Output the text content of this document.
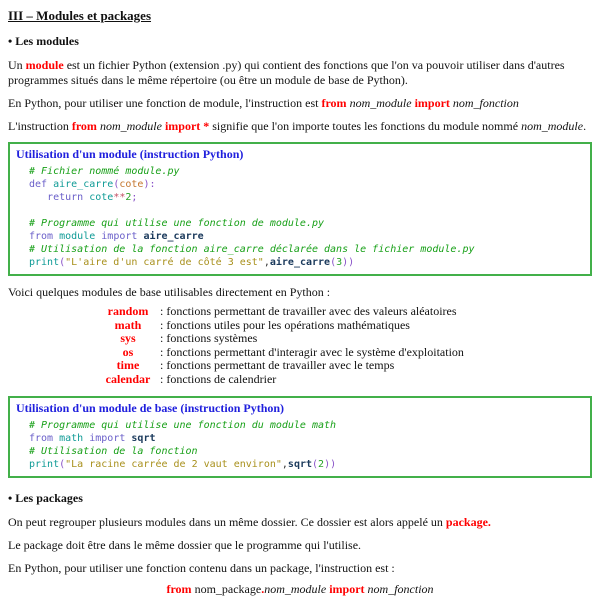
III – Modules et packages
• Les modules

Un module est un fichier Python (extension .py) qui contient des fonctions que l'on va pouvoir utiliser dans d'autres programmes situés dans le même répertoire (ou être un module de base de Python).

En Python, pour utiliser une fonction de module, l'instruction est from nom_module import nom_fonction

L'instruction from nom_module import * signifie que l'on importe toutes les fonctions du module nommé nom_module.

Utilisation d'un module (instruction Python)
# Fichier nommé module.py
def aire_carre(cote):
return cote**2;

# Programme qui utilise une fonction de module.py
from module import aire_carre
# Utilisation de la fonction aire_carre déclarée dans le fichier module.py
print("L'aire d'un carré de côté 3 est",aire_carre(3))

Voici quelques modules de base utilisables directement en Python :

random : fonctions permettant de travailler avec des valeurs aléatoires
math : fonctions utiles pour les opérations mathématiques
sys : fonctions systèmes
os : fonctions permettant d'interagir avec le système d'exploitation
time : fonctions permettant de travailler avec le temps
calendar : fonctions de calendrier
Utilisation d'un module de base (instruction Python)
# Programme qui utilise une fonction du module math
from math import sqrt
# Utilisation de la fonction
print("La racine carrée de 2 vaut environ",sqrt(2))
• Les packages

On peut regrouper plusieurs modules dans un même dossier. Ce dossier est alors appelé un package.

Le package doit être dans le même dossier que le programme qui l'utilise.

En Python, pour utiliser une fonction contenu dans un package, l'instruction est :

from nom_package.nom_module import nom_fonction
